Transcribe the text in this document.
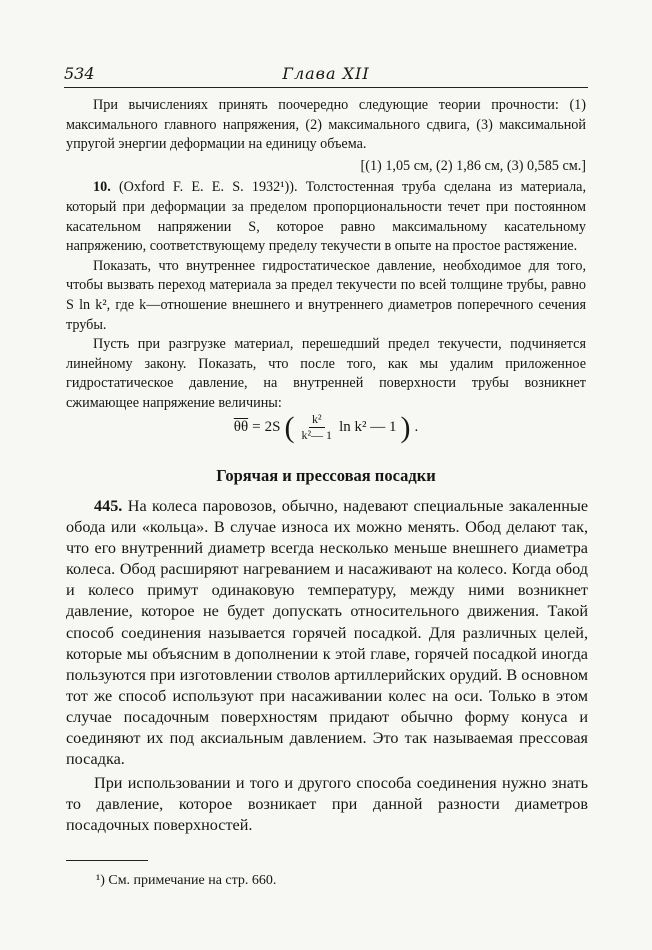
534	Глава XII

При вычислениях принять поочередно следующие теории прочности: (1) максимального главного напряжения, (2) максимального сдвига, (3) максимальной упругой энергии деформации на единицу объема.

[(1) 1,05 см, (2) 1,86 см, (3) 0,585 см.]

10. (Oxford F. E. E. S. 1932¹)). Толстостенная труба сделана из материала, который при деформации за пределом пропорциональности течет при постоянном касательном напряжении S, которое равно максимальному касательному напряжению, соответствующему пределу текучести в опыте на простое растяжение.

Показать, что внутреннее гидростатическое давление, необходимое для того, чтобы вызвать переход материала за предел текучести по всей толщине трубы, равно S ln k², где k—отношение внешнего и внутреннего диаметров поперечного сечения трубы.

Пусть при разгрузке материал, перешедший предел текучести, подчиняется линейному закону. Показать, что после того, как мы удалим приложенное гидростатическое давление, на внутренней поверхности трубы возникнет сжимающее напряжение величины:

$\overline{\theta\theta} = 2S$ ( $\frac{\text{k²}}{\text{k²— 1}}$ ln k² — 1 ) .
Горячая и прессовая посадки

445. На колеса паровозов, обычно, надевают специальные закаленные обода или «кольца». В случае износа их можно менять. Обод делают так, что его внутренний диаметр всегда несколько меньше внешнего диаметра колеса. Обод расширяют нагреванием и насаживают на колесо. Когда обод и колесо примут одинаковую температуру, между ними возникнет давление, которое не будет допускать относительного движения. Такой способ соединения называется горячей посадкой. Для различных целей, которые мы объясним в дополнении к этой главе, горячей посадкой иногда пользуются при изготовлении стволов артиллерийских орудий. В основном тот же способ используют при насаживании колес на оси. Только в этом случае посадочным поверхностям придают обычно форму конуса и соединяют их под аксиальным давлением. Это так называемая прессовая посадка.

При использовании и того и другого способа соединения нужно знать то давление, которое возникает при данной разности диаметров посадочных поверхностей.

¹) См. примечание на стр. 660.
